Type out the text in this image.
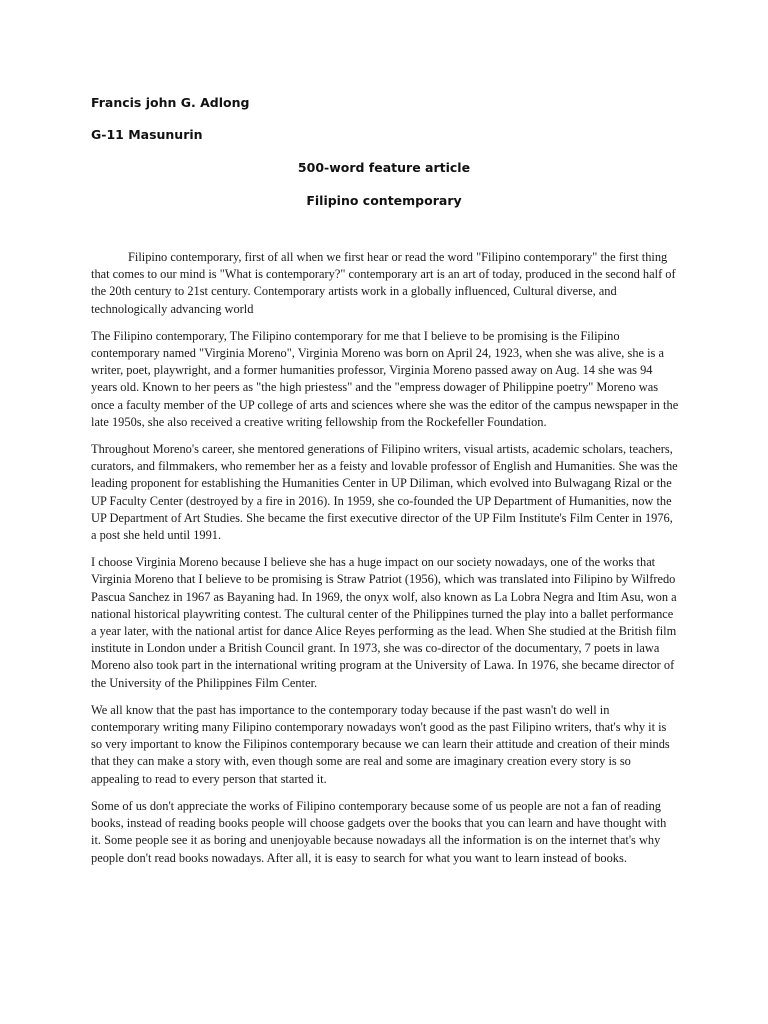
Francis john G. Adlong

G-11 Masunurin

500-word feature article

Filipino contemporary

Filipino contemporary, first of all when we first hear or read the word "Filipino contemporary" the first thing that comes to our mind is "What is contemporary?" contemporary art is an art of today, produced in the second half of the 20th century to 21st century. Contemporary artists work in a globally influenced, Cultural diverse, and technologically advancing world

The Filipino contemporary, The Filipino contemporary for me that I believe to be promising is the Filipino contemporary named "Virginia Moreno", Virginia Moreno was born on April 24, 1923, when she was alive, she is a writer, poet, playwright, and a former humanities professor, Virginia Moreno passed away on Aug. 14 she was 94 years old. Known to her peers as "the high priestess" and the "empress dowager of Philippine poetry" Moreno was once a faculty member of the UP college of arts and sciences where she was the editor of the campus newspaper in the late 1950s, she also received a creative writing fellowship from the Rockefeller Foundation.

Throughout Moreno's career, she mentored generations of Filipino writers, visual artists, academic scholars, teachers, curators, and filmmakers, who remember her as a feisty and lovable professor of English and Humanities. She was the leading proponent for establishing the Humanities Center in UP Diliman, which evolved into Bulwagang Rizal or the UP Faculty Center (destroyed by a fire in 2016). In 1959, she co-founded the UP Department of Humanities, now the UP Department of Art Studies. She became the first executive director of the UP Film Institute's Film Center in 1976, a post she held until 1991.

I choose Virginia Moreno because I believe she has a huge impact on our society nowadays, one of the works that Virginia Moreno that I believe to be promising is Straw Patriot (1956), which was translated into Filipino by Wilfredo Pascua Sanchez in 1967 as Bayaning had. In 1969, the onyx wolf, also known as La Lobra Negra and Itim Asu, won a national historical playwriting contest. The cultural center of the Philippines turned the play into a ballet performance a year later, with the national artist for dance Alice Reyes performing as the lead. When She studied at the British film institute in London under a British Council grant. In 1973, she was co-director of the documentary, 7 poets in lawa Moreno also took part in the international writing program at the University of Lawa. In 1976, she became director of the University of the Philippines Film Center.

We all know that the past has importance to the contemporary today because if the past wasn't do well in contemporary writing many Filipino contemporary nowadays won't good as the past Filipino writers, that's why it is so very important to know the Filipinos contemporary because we can learn their attitude and creation of their minds that they can make a story with, even though some are real and some are imaginary creation every story is so appealing to read to every person that started it.

Some of us don't appreciate the works of Filipino contemporary because some of us people are not a fan of reading books, instead of reading books people will choose gadgets over the books that you can learn and have thought with it. Some people see it as boring and unenjoyable because nowadays all the information is on the internet that's why people don't read books nowadays. After all, it is easy to search for what you want to learn instead of books.
